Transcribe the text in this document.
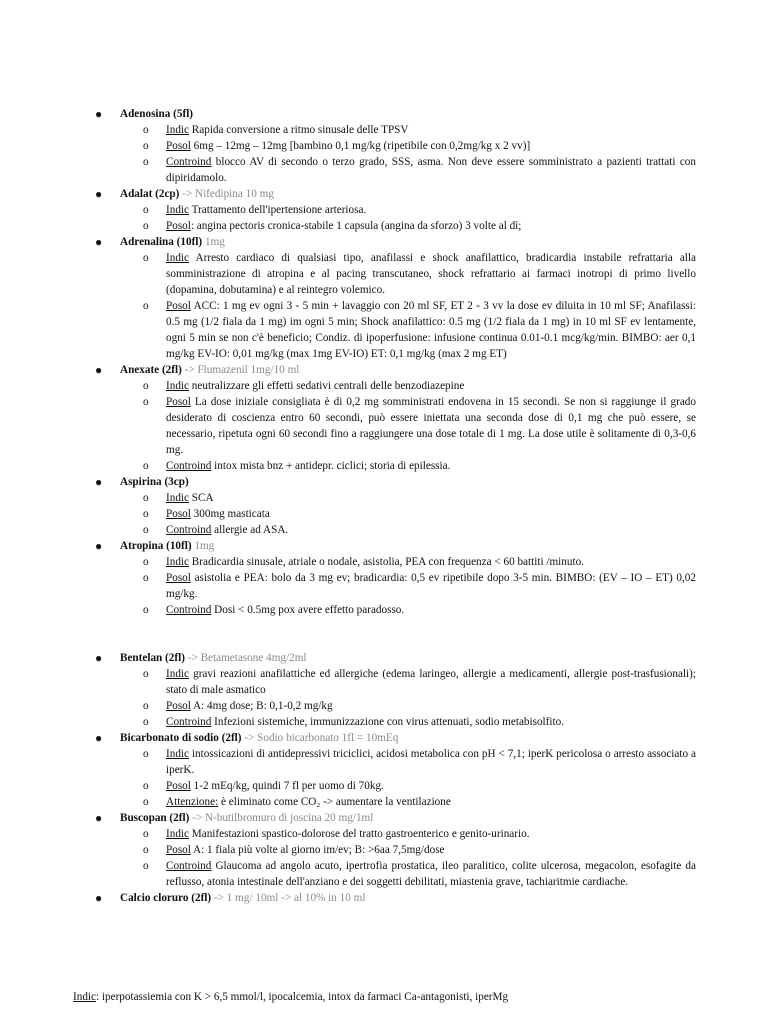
● Adenosina (5fl)
o Indic Rapida conversione a ritmo sinusale delle TPSV
o Posol 6mg – 12mg – 12mg [bambino 0,1 mg/kg (ripetibile con 0,2mg/kg x 2 vv)]
o Controind blocco AV di secondo o terzo grado, SSS, asma. Non deve essere somministrato a pazienti trattati con dipiridamolo.
● Adalat (2cp) -> Nifedipina 10 mg
o Indic Trattamento dell'ipertensione arteriosa.
o Posol: angina pectoris cronica-stabile 1 capsula (angina da sforzo) 3 volte al dì;
● Adrenalina (10fl) 1mg
o Indic Arresto cardiaco di qualsiasi tipo, anafilassi e shock anafilattico, bradicardia instabile refrattaria alla somministrazione di atropina e al pacing transcutaneo, shock refrattario ai farmaci inotropi di primo livello (dopamina, dobutamina) e al reintegro volemico.
o Posol ACC: 1 mg ev ogni 3 - 5 min + lavaggio con 20 ml SF, ET 2 - 3 vv la dose ev diluita in 10 ml SF; Anafilassi: 0.5 mg (1/2 fiala da 1 mg) im ogni 5 min; Shock anafilattico: 0.5 mg (1/2 fiala da 1 mg) in 10 ml SF ev lentamente, ogni 5 min se non c'è beneficio; Condiz. di ipoperfusione: infusione continua 0.01-0.1 mcg/kg/min. BIMBO: aer 0,1 mg/kg EV-IO: 0,01 mg/kg (max 1mg EV-IO) ET: 0,1 mg/kg (max 2 mg ET)
● Anexate (2fl) -> Flumazenil 1mg/10 ml
o Indic neutralizzare gli effetti sedativi centrali delle benzodiazepine
o Posol La dose iniziale consigliata è di 0,2 mg somministrati endovena in 15 secondi. Se non si raggiunge il grado desiderato di coscienza entro 60 secondi, può essere iniettata una seconda dose di 0,1 mg che può essere, se necessario, ripetuta ogni 60 secondi fino a raggiungere una dose totale di 1 mg. La dose utile è solitamente di 0,3-0,6 mg.
o Controind intox mista bnz + antidepr. ciclici; storia di epilessia.
● Aspirina (3cp)
o Indic SCA
o Posol 300mg masticata
o Controind allergie ad ASA.
● Atropina (10fl) 1mg
o Indic Bradicardia sinusale, atriale o nodale, asistolia, PEA con frequenza < 60 battiti /minuto.
o Posol asistolia e PEA: bolo da 3 mg ev; bradicardia: 0,5 ev ripetibile dopo 3-5 min. BIMBO: (EV – IO – ET) 0,02 mg/kg.
o Controind Dosi < 0.5mg pox avere effetto paradosso.
● Bentelan (2fl) -> Betametasone 4mg/2ml
o Indic gravi reazioni anafilattiche ed allergiche (edema laringeo, allergie a medicamenti, allergie post-trasfusionali); stato di male asmatico
o Posol A: 4mg dose; B: 0,1-0,2 mg/kg
o Controind Infezioni sistemiche, immunizzazione con virus attenuati, sodio metabisolfito.
● Bicarbonato di sodio (2fl) -> Sodio bicarbonato 1fl = 10mEq
o Indic intossicazioni di antidepressivi triciclici, acidosi metabolica con pH < 7,1; iperK pericolosa o arresto associato a iperK.
o Posol 1-2 mEq/kg, quindi 7 fl per uomo di 70kg.
o Attenzione: è eliminato come CO₂ -> aumentare la ventilazione
● Buscopan (2fl) -> N-butilbromuro di joscina 20 mg/1ml
o Indic Manifestazioni spastico-dolorose del tratto gastroenterico e genito-urinario.
o Posol A: 1 fiala più volte al giorno im/ev; B: >6aa 7,5mg/dose
o Controind Glaucoma ad angolo acuto, ipertrofia prostatica, ileo paralitico, colite ulcerosa, megacolon, esofagite da reflusso, atonia intestinale dell'anziano e dei soggetti debilitati, miastenia grave, tachiaritmie cardiache.
● Calcio cloruro (2fl) -> 1 mg/ 10ml -> al 10% in 10 ml
Indic: iperpotassiemia con K > 6,5 mmol/l, ipocalcemia, intox da farmaci Ca-antagonisti, iperMg
